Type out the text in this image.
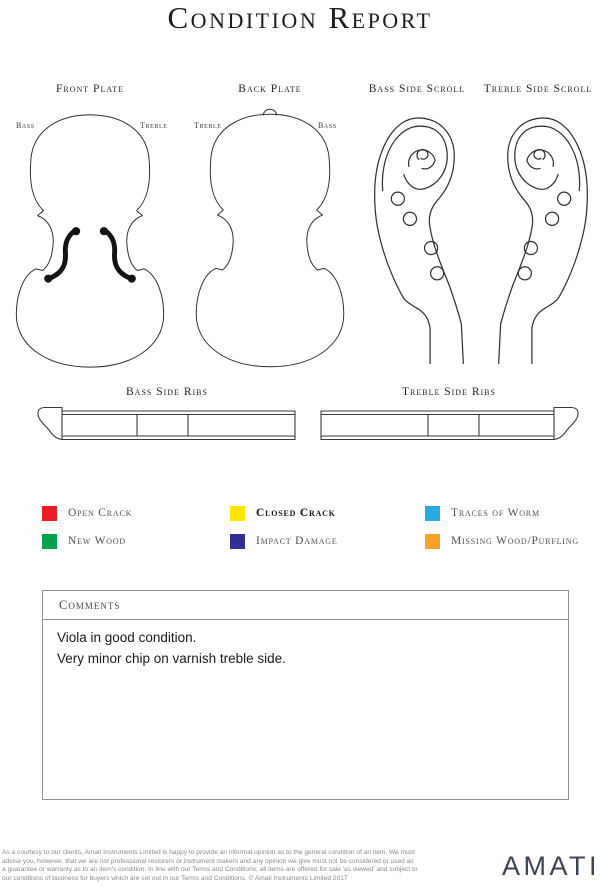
Condition Report
Front Plate	Back Plate	Bass Side Scroll	Treble Side Scroll
Bass	Treble	Treble	Bass
Bass Side Ribs	Treble Side Ribs
Open Crack	Closed Crack	Traces of Worm
New Wood	Impact Damage	Missing Wood/Purfling
Comments
Viola in good condition.
Very minor chip on varnish treble side.
As a courtesy to our clients, Amati Instruments Limited is happy to provide an informal opinion as to the general condition of an item. We must
advise you, however, that we are not professional restorers or instrument makers and any opinion we give must not be considered or used as
a guarantee or warranty as to an item's condition. In line with our Terms and Conditions, all items are offered for sale 'as viewed' and subject to
our conditions of business for buyers which are set out in our Terms and Conditions. © Amati Instruments Limited 2017	AMATI
